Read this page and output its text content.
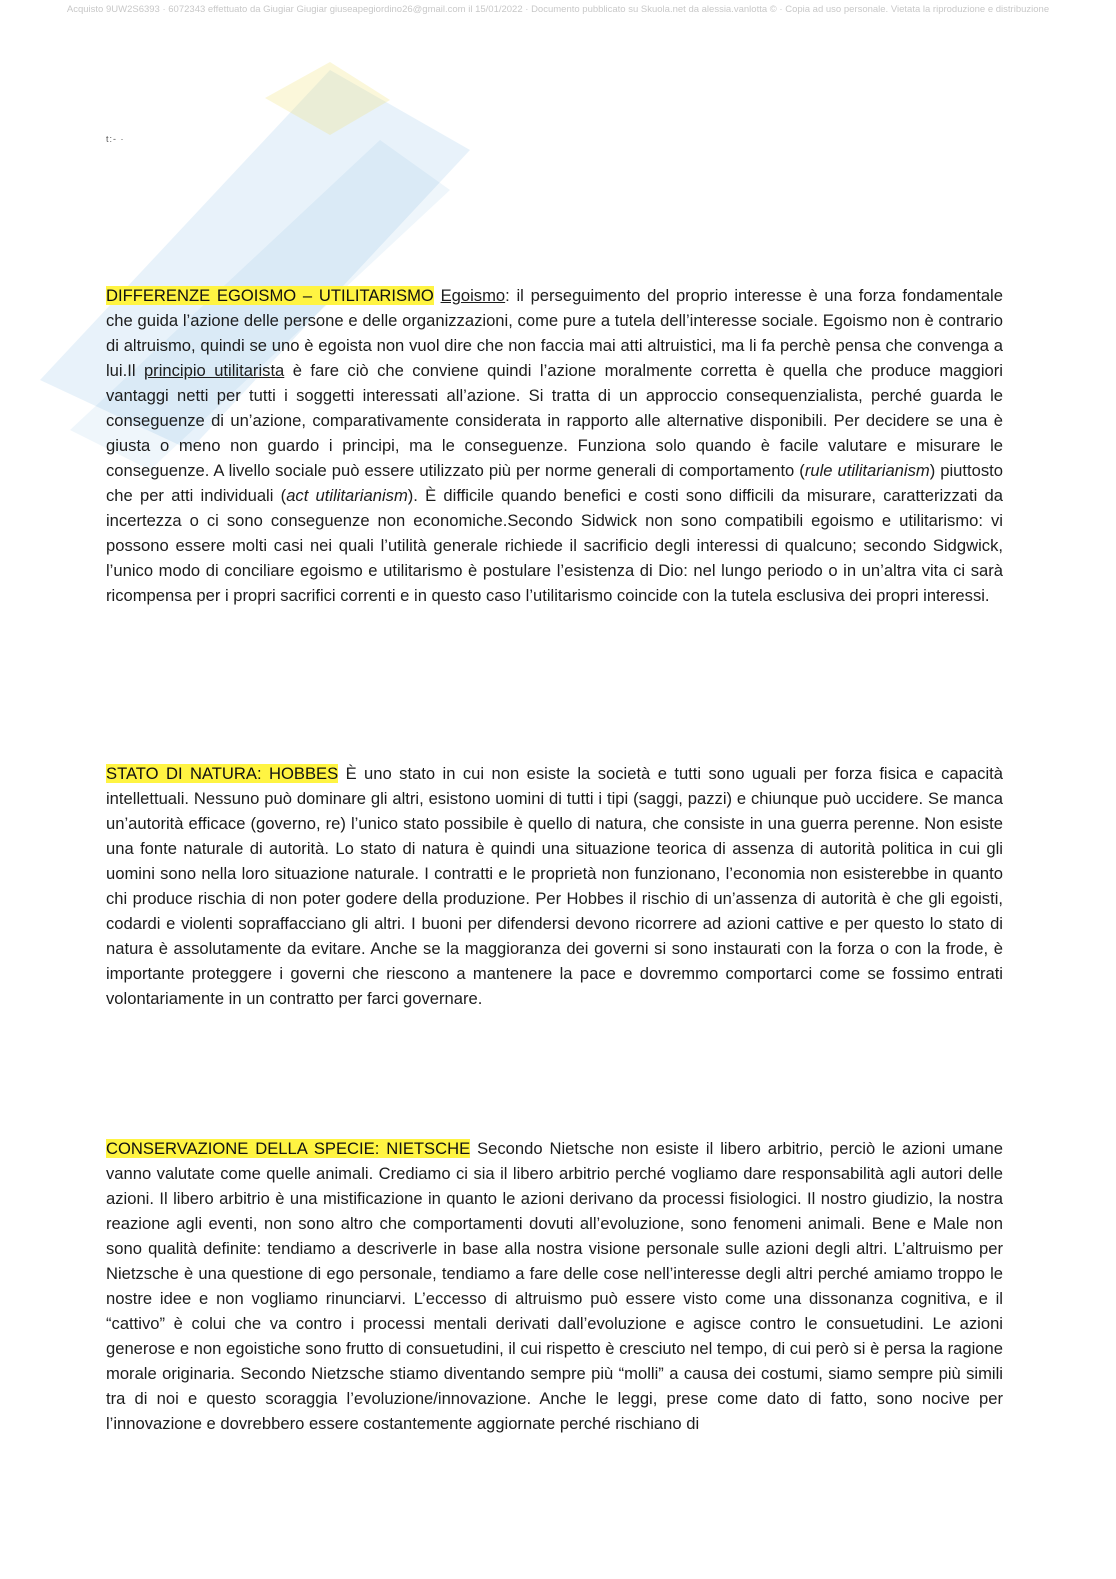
Acquisto 9UW2S6393 · 6072343 effettuato da Giugiar Giugiar giuseapegiordino26@gmail.com il 15/01/2022 · Documento pubblicato su Skuola.net da alessia.vanlotta © · Copia ad uso personale. Vietata la riproduzione e distribuzione
t:- ·

DIFFERENZE EGOISMO – UTILITARISMO Egoismo: il perseguimento del proprio interesse è una forza fondamentale che guida l’azione delle persone e delle organizzazioni, come pure a tutela dell’interesse sociale. Egoismo non è contrario di altruismo, quindi se uno è egoista non vuol dire che non faccia mai atti altruistici, ma li fa perchè pensa che convenga a lui.Il principio utilitarista è fare ciò che conviene quindi l’azione moralmente corretta è quella che produce maggiori vantaggi netti per tutti i soggetti interessati all’azione. Si tratta di un approccio consequenzialista, perché guarda le conseguenze di un’azione, comparativamente considerata in rapporto alle alternative disponibili. Per decidere se una è giusta o meno non guardo i principi, ma le conseguenze. Funziona solo quando è facile valutare e misurare le conseguenze. A livello sociale può essere utilizzato più per norme generali di comportamento (rule utilitarianism) piuttosto che per atti individuali (act utilitarianism). È difficile quando benefici e costi sono difficili da misurare, caratterizzati da incertezza o ci sono conseguenze non economiche.Secondo Sidwick non sono compatibili egoismo e utilitarismo: vi possono essere molti casi nei quali l’utilità generale richiede il sacrificio degli interessi di qualcuno; secondo Sidgwick, l’unico modo di conciliare egoismo e utilitarismo è postulare l’esistenza di Dio: nel lungo periodo o in un’altra vita ci sarà ricompensa per i propri sacrifici correnti e in questo caso l’utilitarismo coincide con la tutela esclusiva dei propri interessi.

STATO DI NATURA: HOBBES È uno stato in cui non esiste la società e tutti sono uguali per forza fisica e capacità intellettuali. Nessuno può dominare gli altri, esistono uomini di tutti i tipi (saggi, pazzi) e chiunque può uccidere. Se manca un’autorità efficace (governo, re) l’unico stato possibile è quello di natura, che consiste in una guerra perenne. Non esiste una fonte naturale di autorità. Lo stato di natura è quindi una situazione teorica di assenza di autorità politica in cui gli uomini sono nella loro situazione naturale. I contratti e le proprietà non funzionano, l’economia non esisterebbe in quanto chi produce rischia di non poter godere della produzione. Per Hobbes il rischio di un’assenza di autorità è che gli egoisti, codardi e violenti sopraffacciano gli altri. I buoni per difendersi devono ricorrere ad azioni cattive e per questo lo stato di natura è assolutamente da evitare. Anche se la maggioranza dei governi si sono instaurati con la forza o con la frode, è importante proteggere i governi che riescono a mantenere la pace e dovremmo comportarci come se fossimo entrati volontariamente in un contratto per farci governare.

CONSERVAZIONE DELLA SPECIE: NIETSCHE Secondo Nietsche non esiste il libero arbitrio, perciò le azioni umane vanno valutate come quelle animali. Crediamo ci sia il libero arbitrio perché vogliamo dare responsabilità agli autori delle azioni. Il libero arbitrio è una mistificazione in quanto le azioni derivano da processi fisiologici. Il nostro giudizio, la nostra reazione agli eventi, non sono altro che comportamenti dovuti all’evoluzione, sono fenomeni animali. Bene e Male non sono qualità definite: tendiamo a descriverle in base alla nostra visione personale sulle azioni degli altri. L’altruismo per Nietzsche è una questione di ego personale, tendiamo a fare delle cose nell’interesse degli altri perché amiamo troppo le nostre idee e non vogliamo rinunciarvi. L’eccesso di altruismo può essere visto come una dissonanza cognitiva, e il “cattivo” è colui che va contro i processi mentali derivati dall’evoluzione e agisce contro le consuetudini. Le azioni generose e non egoistiche sono frutto di consuetudini, il cui rispetto è cresciuto nel tempo, di cui però si è persa la ragione morale originaria. Secondo Nietzsche stiamo diventando sempre più “molli” a causa dei costumi, siamo sempre più simili tra di noi e questo scoraggia l’evoluzione/innovazione. Anche le leggi, prese come dato di fatto, sono nocive per l’innovazione e dovrebbero essere costantemente aggiornate perché rischiano di
